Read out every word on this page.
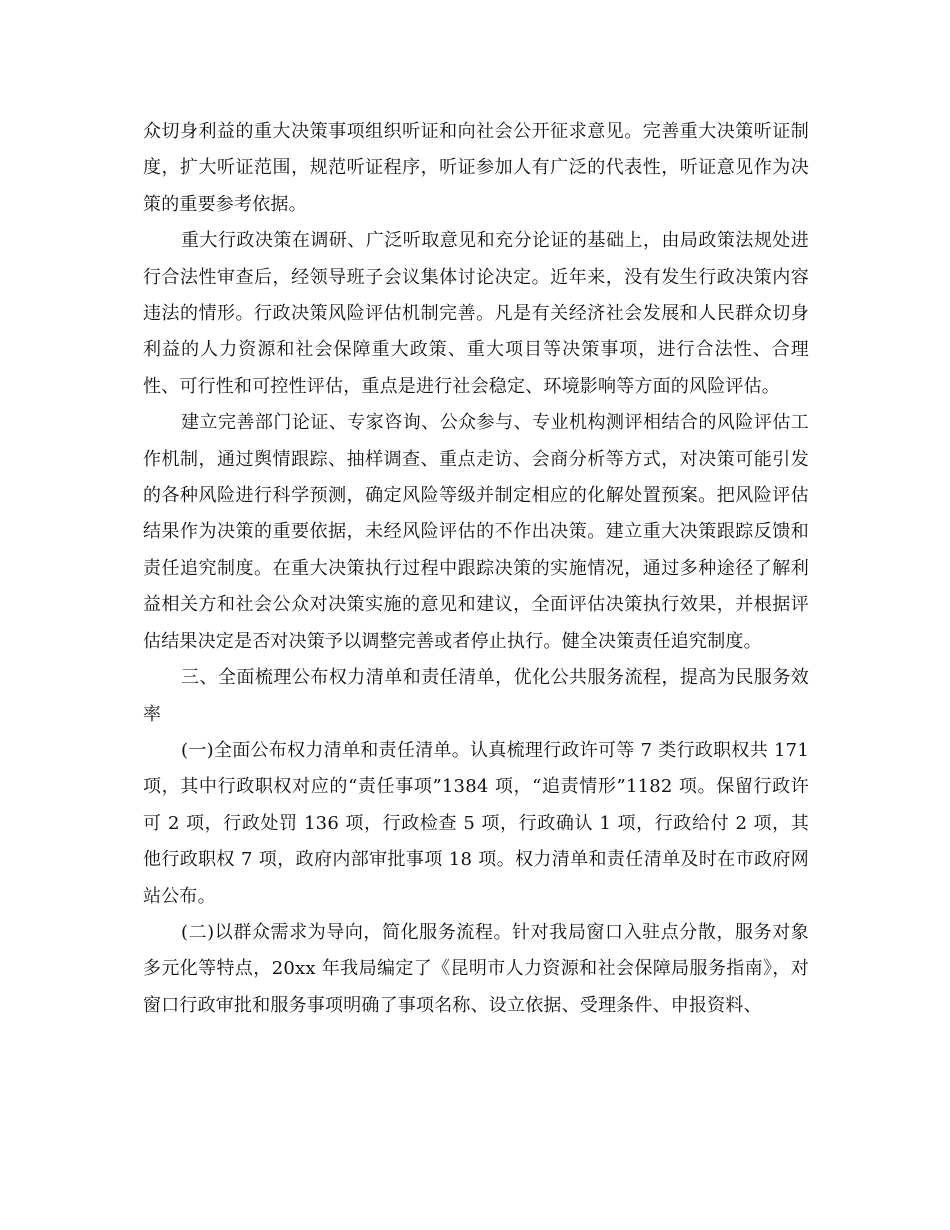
众切身利益的重大决策事项组织听证和向社会公开征求意见。完善重大决策听证制度，扩大听证范围，规范听证程序，听证参加人有广泛的代表性，听证意见作为决策的重要参考依据。

重大行政决策在调研、广泛听取意见和充分论证的基础上，由局政策法规处进行合法性审查后，经领导班子会议集体讨论决定。近年来，没有发生行政决策内容违法的情形。行政决策风险评估机制完善。凡是有关经济社会发展和人民群众切身利益的人力资源和社会保障重大政策、重大项目等决策事项，进行合法性、合理性、可行性和可控性评估，重点是进行社会稳定、环境影响等方面的风险评估。

建立完善部门论证、专家咨询、公众参与、专业机构测评相结合的风险评估工作机制，通过舆情跟踪、抽样调查、重点走访、会商分析等方式，对决策可能引发的各种风险进行科学预测，确定风险等级并制定相应的化解处置预案。把风险评估结果作为决策的重要依据，未经风险评估的不作出决策。建立重大决策跟踪反馈和责任追究制度。在重大决策执行过程中跟踪决策的实施情况，通过多种途径了解利益相关方和社会公众对决策实施的意见和建议，全面评估决策执行效果，并根据评估结果决定是否对决策予以调整完善或者停止执行。健全决策责任追究制度。

三、全面梳理公布权力清单和责任清单，优化公共服务流程，提高为民服务效率

(一)全面公布权力清单和责任清单。认真梳理行政许可等 7 类行政职权共 171 项，其中行政职权对应的“责任事项”1384 项，“追责情形”1182 项。保留行政许可 2 项，行政处罚 136 项，行政检查 5 项，行政确认 1 项，行政给付 2 项，其他行政职权 7 项，政府内部审批事项 18 项。权力清单和责任清单及时在市政府网站公布。

(二)以群众需求为导向，简化服务流程。针对我局窗口入驻点分散，服务对象多元化等特点，20xx 年我局编定了《昆明市人力资源和社会保障局服务指南》，对窗口行政审批和服务事项明确了事项名称、设立依据、受理条件、申报资料、
